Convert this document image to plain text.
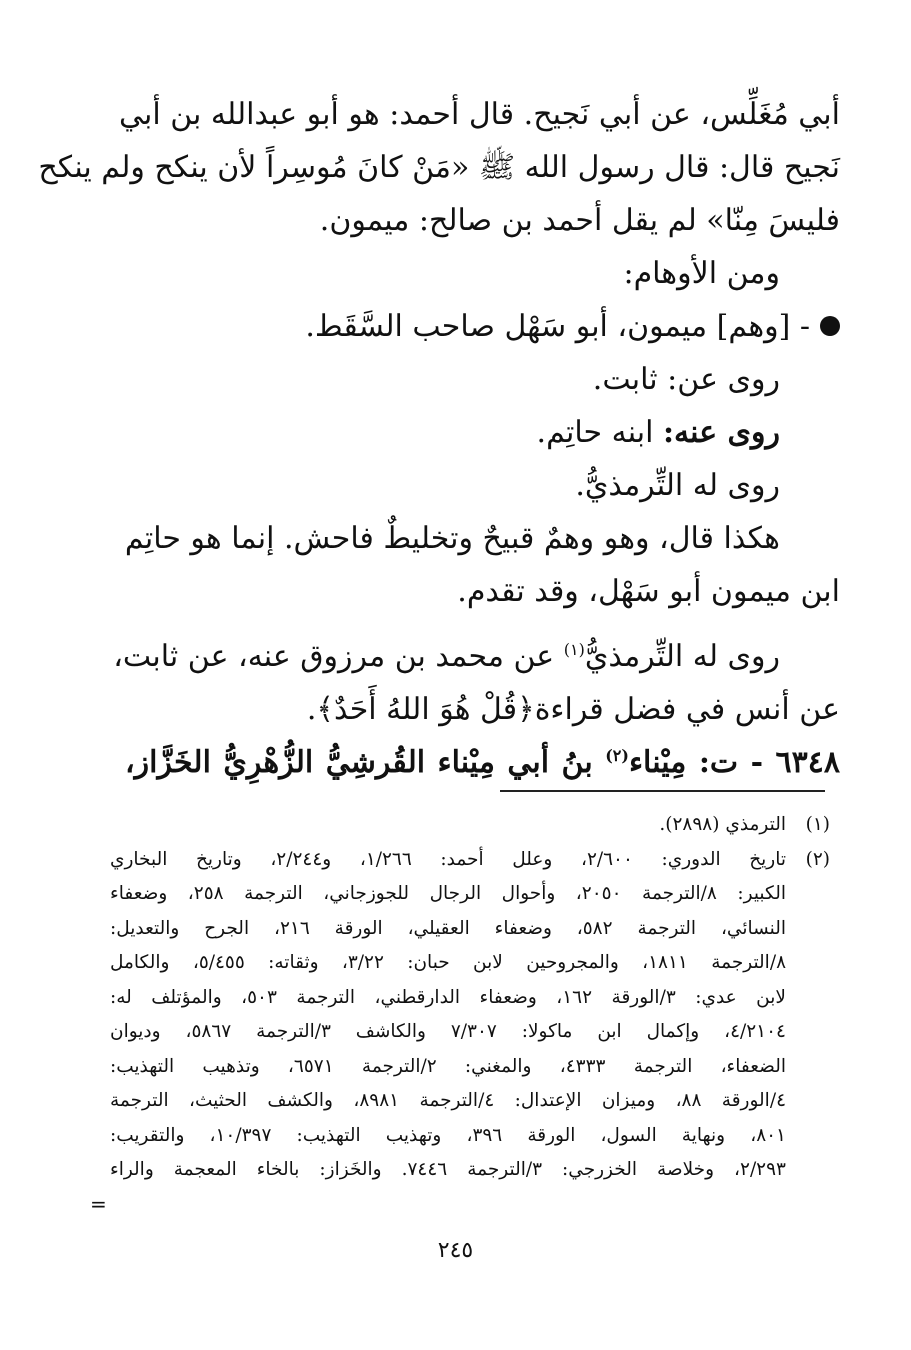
أبي مُغَلِّس، عن أبي نَجيح. قال أحمد: هو أبو عبدالله بن أبي
نَجيح قال: قال رسول الله ﷺ «مَنْ كانَ مُوسِراً لأن ينكح ولم ينكح
فليسَ مِنّا» لم يقل أحمد بن صالح: ميمون.
ومن الأوهام:
- [وهم] ميمون، أبو سَهْل صاحب السَّقَط.
روى عن: ثابت.
روى عنه: ابنه حاتِم.
روى له التِّرمذيُّ.
هكذا قال، وهو وهمٌ قبيحٌ وتخليطٌ فاحش. إنما هو حاتِم
ابن ميمون أبو سَهْل، وقد تقدم.
روى له التِّرمذيُّ$^{(١)}$ عن محمد بن مرزوق عنه، عن ثابت،
عن أنس في فضل قراءة﴿قُلْ هُوَ اللهُ أَحَدٌ﴾.
٦٣٤٨ - ت: مِيْناء$^{(٢)}$ بنُ أبي مِيْناء القُرشِيُّ الزُّهْرِيُّ الخَزَّاز،
(١)
الترمذي (٢٨٩٨).
(٢)
تاريخ الدوري: ٢/٦٠٠، وعلل أحمد: ١/٢٦٦، و٢/٢٤٤، وتاريخ البخاري
الكبير: ٨/الترجمة ٢٠٥٠، وأحوال الرجال للجوزجاني، الترجمة ٢٥٨، وضعفاء
النسائي، الترجمة ٥٨٢، وضعفاء العقيلي، الورقة ٢١٦، الجرح والتعديل:
٨/الترجمة ١٨١١، والمجروحين لابن حبان: ٣/٢٢، وثقاته: ٥/٤٥٥، والكامل
لابن عدي: ٣/الورقة ١٦٢، وضعفاء الدارقطني، الترجمة ٥٠٣، والمؤتلف له:
٤/٢١٠٤، وإكمال ابن ماكولا: ٧/٣٠٧ والكاشف ٣/الترجمة ٥٨٦٧، وديوان
الضعفاء، الترجمة ٤٣٣٣، والمغني: ٢/الترجمة ٦٥٧١، وتذهيب التهذيب:
٤/الورقة ٨٨، وميزان الإعتدال: ٤/الترجمة ٨٩٨١، والكشف الحثيث، الترجمة
٨٠١، ونهاية السول، الورقة ٣٩٦، وتهذيب التهذيب: ١٠/٣٩٧، والتقريب:
٢/٢٩٣، وخلاصة الخزرجي: ٣/الترجمة ٧٤٤٦. والخَزاز: بالخاء المعجمة والراء
=
٢٤٥
